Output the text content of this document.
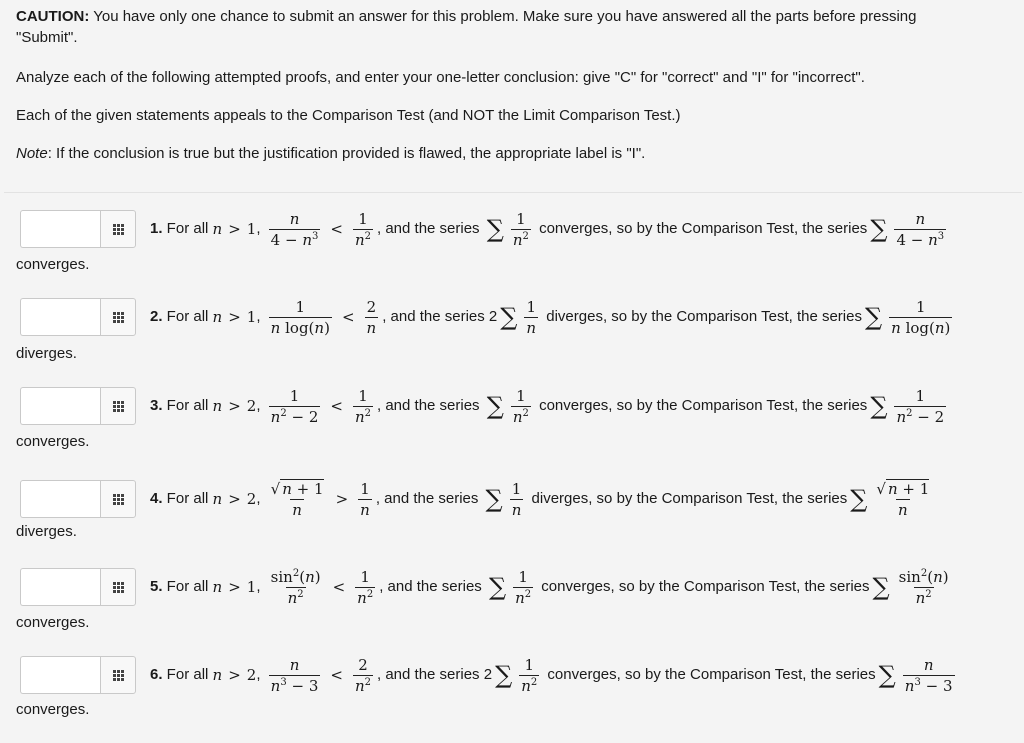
CAUTION: You have only one chance to submit an answer for this problem. Make sure you have answered all the parts before pressing
"Submit".

Analyze each of the following attempted proofs, and enter your one-letter conclusion: give "C" for "correct" and "I" for "incorrect".

Each of the given statements appeals to the Comparison Test (and NOT the Limit Comparison Test.)

Note: If the conclusion is true but the justification provided is flawed, the appropriate label is "I".

1. For all n > 1 ,
$\frac{n}{4 - n^3} < \frac{1}{n^2}$ , and the series ∑ $\frac{1}{n^2}$ converges, so by the Comparison Test, the series ∑ $\frac{n}{4 - n^3}$
converges.
2. For all n > 1 ,
$\frac{1}{\text{n log(n)}} < \frac{2}{n}$ , and the series 2 ∑ $\frac{1}{n}$ diverges, so by the Comparison Test, the series ∑ $\frac{1}{\text{n log(n)}}$
diverges.
3. For all n > 2 ,
$\frac{1}{n^2 - 2} < \frac{1}{n^2}$ , and the series ∑ $\frac{1}{n^2}$ converges, so by the Comparison Test, the series ∑ $\frac{1}{n^2 - 2}$
converges.
4. For all n > 2 ,
$\frac{√ n + 1}{n} > \frac{1}{n}$ , and the series ∑ $\frac{1}{n}$ diverges, so by the Comparison Test, the series ∑ $\frac{√ n + 1}{n}$
diverges.
5. For all n > 1 ,
$\frac{\sin^2(n)}{n^2} < \frac{1}{n^2}$ , and the series ∑ $\frac{1}{n^2}$ converges, so by the Comparison Test, the series ∑ $\frac{\sin^2(n)}{n^2}$
converges.
6. For all n > 2 ,
$\frac{n}{n^3 - 3} < \frac{2}{n^2}$ , and the series 2 ∑ $\frac{1}{n^2}$ converges, so by the Comparison Test, the series ∑ $\frac{n}{n^3 - 3}$
converges.
